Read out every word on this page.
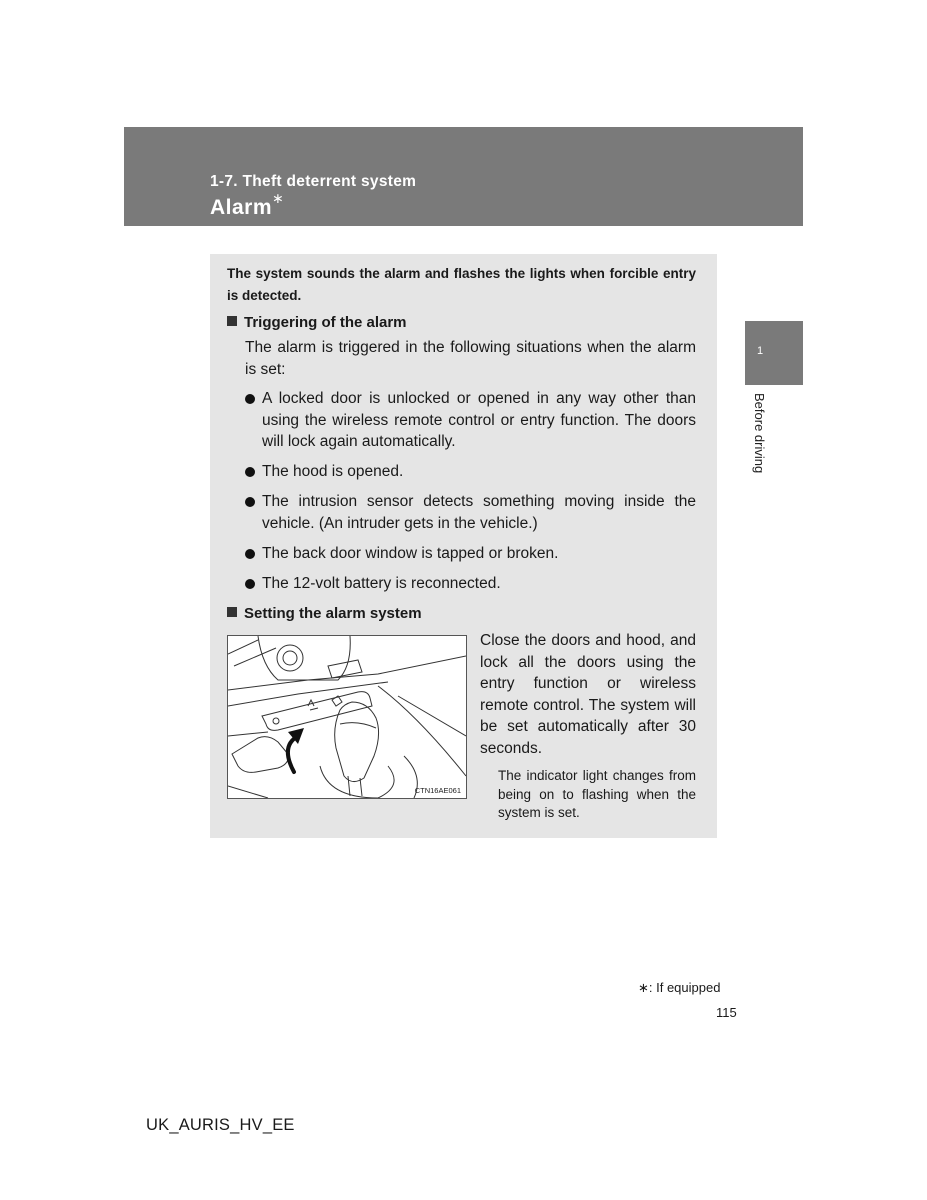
1-7. Theft deterrent system
Alarm∗
1
Before driving
The system sounds the alarm and flashes the lights when forcible entry is detected.
Triggering of the alarm
The alarm is triggered in the following situations when the alarm is set:
A locked door is unlocked or opened in any way other than using the wireless remote control or entry function. The doors will lock again automatically.
The hood is opened.
The intrusion sensor detects something moving inside the vehicle. (An intruder gets in the vehicle.)
The back door window is tapped or broken.
The 12-volt battery is reconnected.
Setting the alarm system
CTN16AE061
Close the doors and hood, and lock all the doors using the entry function or wireless remote control. The system will be set automatically after 30 seconds.
The indicator light changes from being on to flashing when the system is set.
∗: If equipped
115
UK_AURIS_HV_EE
